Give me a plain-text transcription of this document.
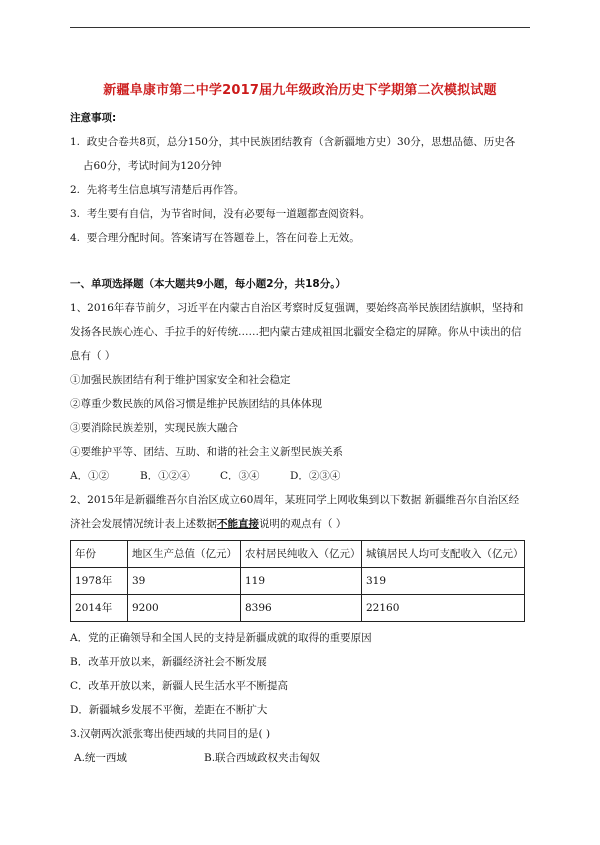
新疆阜康市第二中学2017届九年级政治历史下学期第二次模拟试题
注意事项:
1. 政史合卷共8页，总分150分，其中民族团结教育（含新疆地方史）30分，思想品德、历史各
占60分，考试时间为120分钟
2. 先将考生信息填写清楚后再作答。
3. 考生要有自信，为节省时间，没有必要每一道题都查阅资料。
4. 要合理分配时间。答案请写在答题卷上，答在问卷上无效。
一、单项选择题（本大题共9小题，每小题2分，共18分。）
1、2016年春节前夕，习近平在内蒙古自治区考察时反复强调，要始终高举民族团结旗帜，坚持和
发扬各民族心连心、手拉手的好传统……把内蒙古建成祖国北疆安全稳定的屏障。你从中读出的信
息有（ ）
①加强民族团结有利于维护国家安全和社会稳定
②尊重少数民族的风俗习惯是维护民族团结的具体体现
③要消除民族差别，实现民族大融合
④要维护平等、团结、互助、和谐的社会主义新型民族关系
A．①②	B．①②④	C．③④	D．②③④
2、2015年是新疆维吾尔自治区成立60周年，某班同学上网收集到以下数据 新疆维吾尔自治区经
济社会发展情况统计表上述数据不能直接说明的观点有（ ）
年份	地区生产总值（亿元）	农村居民纯收入（亿元）	城镇居民人均可支配收入（亿元）
1978年	39	119	319
2014年	9200	8396	22160
A．党的正确领导和全国人民的支持是新疆成就的取得的重要原因
B．改革开放以来，新疆经济社会不断发展
C．改革开放以来，新疆人民生活水平不断提高
D．新疆城乡发展不平衡，差距在不断扩大
3.汉朝两次派张骞出使西域的共同目的是( )
A.统一西域	B.联合西域政权夹击匈奴
